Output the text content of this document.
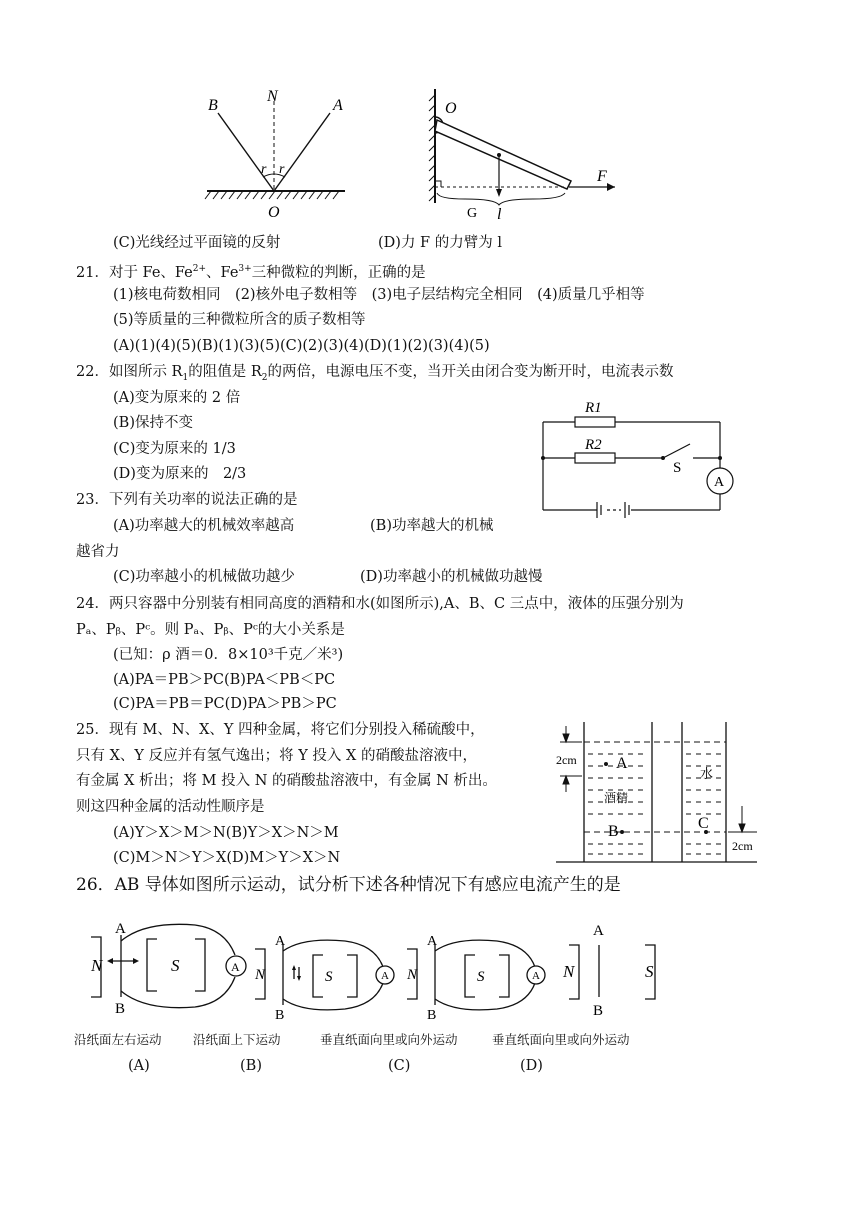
B
N
A
r r
O
O
F
G l
(C)光线经过平面镜的反射	(D)力 F 的力臂为 l
21．对于 Fe、$Fe^{2+}$、$Fe^{3+}$三种微粒的判断，正确的是
(1)核电荷数相同　(2)核外电子数相等　(3)电子层结构完全相同　(4)质量几乎相等
(5)等质量的三种微粒所含的质子数相等
(A)(1)(4)(5)(B)(1)(3)(5)(C)(2)(3)(4)(D)(1)(2)(3)(4)(5)
22．如图所示 $R_1$的阻值是 $R_2$的两倍，电源电压不变，当开关由闭合变为断开时，电流表示数
(A)变为原来的 2 倍
(B)保持不变
(C)变为原来的 1/3
(D)变为原来的　2/3
R1
R2
S
A
23．下列有关功率的说法正确的是
(A)功率越大的机械效率越高	(B)功率越大的机械
越省力
(C)功率越小的机械做功越少	(D)功率越小的机械做功越慢
24．两只容器中分别装有相同高度的酒精和水(如图所示),A、B、C 三点中，液体的压强分别为
Pₐ、Pᵦ、Pᶜ。则 Pₐ、Pᵦ、Pᶜ的大小关系是
(已知：ρ 酒＝0．8×10³千克／米³)
(A)PA＝PB＞PC(B)PA＜PB＜PC
(C)PA＝PB＝PC(D)PA＞PB＞PC
25．现有 M、N、X、Y 四种金属，将它们分别投入稀硫酸中，
只有 X、Y 反应并有氢气逸出；将 Y 投入 X 的硝酸盐溶液中，
有金属 X 析出；将 M 投入 N 的硝酸盐溶液中，有金属 N 析出。
则这四种金属的活动性顺序是
(A)Y＞X＞M＞N(B)Y＞X＞N＞M
(C)M＞N＞Y＞X(D)M＞Y＞X＞N
2cm A
酒精
B
水
C
2cm
26．AB 导体如图所示运动，试分析下述各种情况下有感应电流产生的是
A
B
N	S	A
A
B
N	S	A
A
B
N	S	A
A
B
N	S
沿纸面左右运动	沿纸面上下运动	垂直纸面向里或向外运动	垂直纸面向里或向外运动
(A)	(B)	(C)	(D)
